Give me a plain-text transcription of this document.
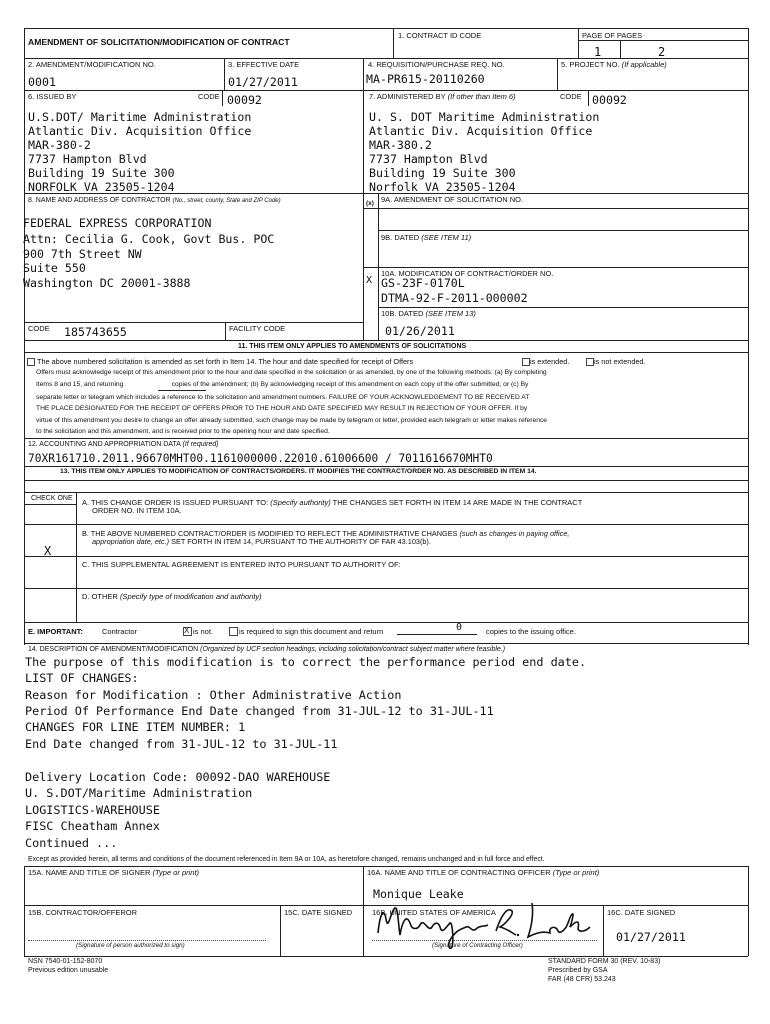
AMENDMENT OF SOLICITATION/MODIFICATION OF CONTRACT
1. CONTRACT ID CODE	PAGE OF PAGES
1	2
2. AMENDMENT/MODIFICATION NO.
0001
3. EFFECTIVE DATE
01/27/2011
4. REQUISITION/PURCHASE REQ. NO.
MA-PR615-20110260
5. PROJECT NO. (If applicable)
6. ISSUED BY	CODE 00092
U.S.DOT/ Maritime Administration
Atlantic Div. Acquisition Office
MAR-380-2
7737 Hampton Blvd
Building 19 Suite 300
NORFOLK VA 23505-1204
7. ADMINISTERED BY (If other than Item 6)	CODE 00092
U. S. DOT Maritime Administration
Atlantic Div. Acquisition Office
MAR-380.2
7737 Hampton Blvd
Building 19 Suite 300
Norfolk VA 23505-1204
8. NAME AND ADDRESS OF CONTRACTOR (No., street, county, State and ZIP Code)
FEDERAL EXPRESS CORPORATION
Attn: Cecilia G. Cook, Govt Bus. POC
900 7th Street NW
Suite 550
Washington DC 20001-3888
CODE 185743655	FACILITY CODE
(x) 9A. AMENDMENT OF SOLICITATION NO.
9B. DATED (SEE ITEM 11)
10A. MODIFICATION OF CONTRACT/ORDER NO.
X GS-23F-0170L
DTMA-92-F-2011-000002
10B. DATED (SEE ITEM 13)
01/26/2011
11. THIS ITEM ONLY APPLIES TO AMENDMENTS OF SOLICITATIONS
The above numbered solicitation is amended as set forth in Item 14. The hour and date specified for receipt of Offers	is extended.	is not extended.
Offers must acknowledge receipt of this amendment prior to the hour and date specified in the solicitation or as amended, by one of the following methods: (a) By completing
Items 8 and 15, and returning                          copies of the amendment; (b) By acknowledging receipt of this amendment on each copy of the offer submitted; or (c) By
separate letter or telegram which includes a reference to the solicitation and amendment numbers. FAILURE OF YOUR ACKNOWLEDGEMENT TO BE RECEIVED AT
THE PLACE DESIGNATED FOR THE RECEIPT OF OFFERS PRIOR TO THE HOUR AND DATE SPECIFIED MAY RESULT IN REJECTION OF YOUR OFFER. If by
virtue of this amendment you desire to change an offer already submitted, such change may be made by telegram or letter, provided each telegram or letter makes reference
to the solicitation and this amendment, and is received prior to the opening hour and date specified.
12. ACCOUNTING AND APPROPRIATION DATA (If required)
70XR161710.2011.96670MHT00.1161000000.22010.61006600 / 7011616670MHT0
13. THIS ITEM ONLY APPLIES TO MODIFICATION OF CONTRACTS/ORDERS. IT MODIFIES THE CONTRACT/ORDER NO. AS DESCRIBED IN ITEM 14.
CHECK ONE A. THIS CHANGE ORDER IS ISSUED PURSUANT TO: (Specify authority) THE CHANGES SET FORTH IN ITEM 14 ARE MADE IN THE CONTRACT
ORDER NO. IN ITEM 10A.
B. THE ABOVE NUMBERED CONTRACT/ORDER IS MODIFIED TO REFLECT THE ADMINISTRATIVE CHANGES (such as changes in paying office,
appropriation date, etc.) SET FORTH IN ITEM 14, PURSUANT TO THE AUTHORITY OF FAR 43.103(b).
X
C. THIS SUPPLEMENTAL AGREEMENT IS ENTERED INTO PURSUANT TO AUTHORITY OF:
D. OTHER (Specify type of modification and authority)
E. IMPORTANT:	Contractor	X is not.	is required to sign this document and return	0	copies to the issuing office.
14. DESCRIPTION OF AMENDMENT/MODIFICATION (Organized by UCF section headings, including solicitation/contract subject matter where feasible.)
The purpose of this modification is to correct the performance period end date.
LIST OF CHANGES:
Reason for Modification : Other Administrative Action
Period Of Performance End Date changed from 31-JUL-12 to 31-JUL-11
CHANGES FOR LINE ITEM NUMBER: 1
End Date changed from 31-JUL-12 to 31-JUL-11
Delivery Location Code: 00092-DAO WAREHOUSE
U. S.DOT/Maritime Administration
LOGISTICS-WAREHOUSE
FISC Cheatham Annex
Continued ...
Except as provided herein, all terms and conditions of the document referenced in Item 9A or 10A, as heretofore changed, remains unchanged and in full force and effect.
15A. NAME AND TITLE OF SIGNER (Type or print)	16A. NAME AND TITLE OF CONTRACTING OFFICER (Type or print)
Monique Leake
15B. CONTRACTOR/OFFEROR
(Signature of person authorized to sign)
15C. DATE SIGNED	16B. UNITED STATES OF AMERICA
(Signature of Contracting Officer)
16C. DATE SIGNED
01/27/2011
NSN 7540-01-152-8070
Previous edition unusable
STANDARD FORM 30 (REV. 10-83)
Prescribed by GSA
FAR (48 CFR) 53.243
